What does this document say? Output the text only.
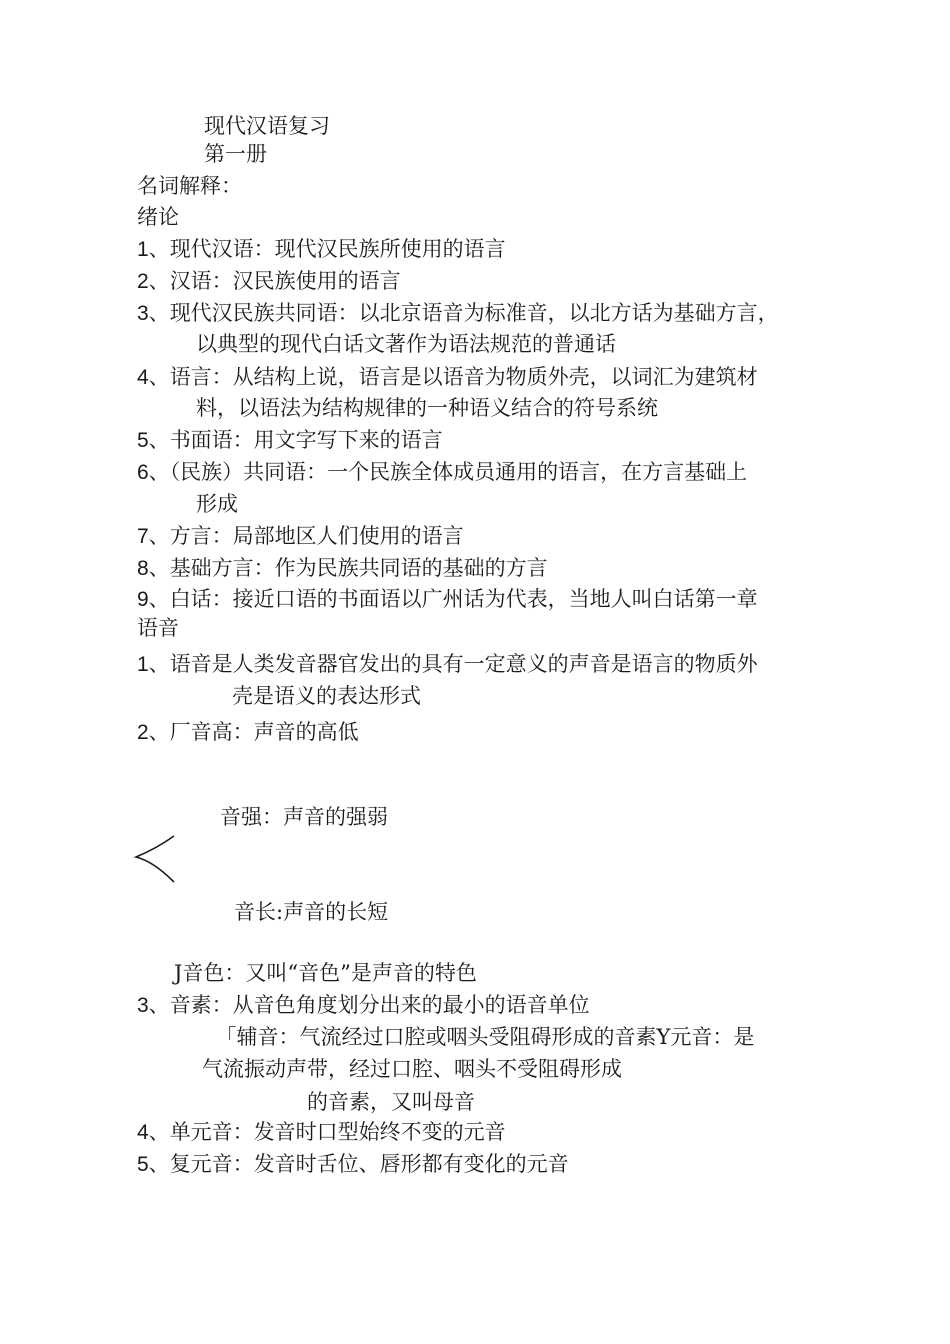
现代汉语复习
第一册
名词解释：
绪论
1、现代汉语：现代汉民族所使用的语言
2、汉语：汉民族使用的语言
3、现代汉民族共同语：以北京语音为标准音，以北方话为基础方言，
以典型的现代白话文著作为语法规范的普通话
4、语言：从结构上说，语言是以语音为物质外壳，以词汇为建筑材
料，以语法为结构规律的一种语义结合的符号系统
5、书面语：用文字写下来的语言
6、（民族）共同语：一个民族全体成员通用的语言，在方言基础上
形成
7、方言：局部地区人们使用的语言
8、基础方言：作为民族共同语的基础的方言
9、白话：接近口语的书面语以广州话为代表，当地人叫白话第一章
语音
1、语音是人类发音器官发出的具有一定意义的声音是语言的物质外
壳是语义的表达形式
2、厂音高：声音的高低
音强：声音的强弱
音长:声音的长短
J音色：又叫“音色”是声音的特色
3、音素：从音色角度划分出来的最小的语音单位
｢辅音：气流经过口腔或咽头受阻碍形成的音素Y元音：是
气流振动声带，经过口腔、咽头不受阻碍形成
的音素，又叫母音
4、单元音：发音时口型始终不变的元音
5、复元音：发音时舌位、唇形都有变化的元音
